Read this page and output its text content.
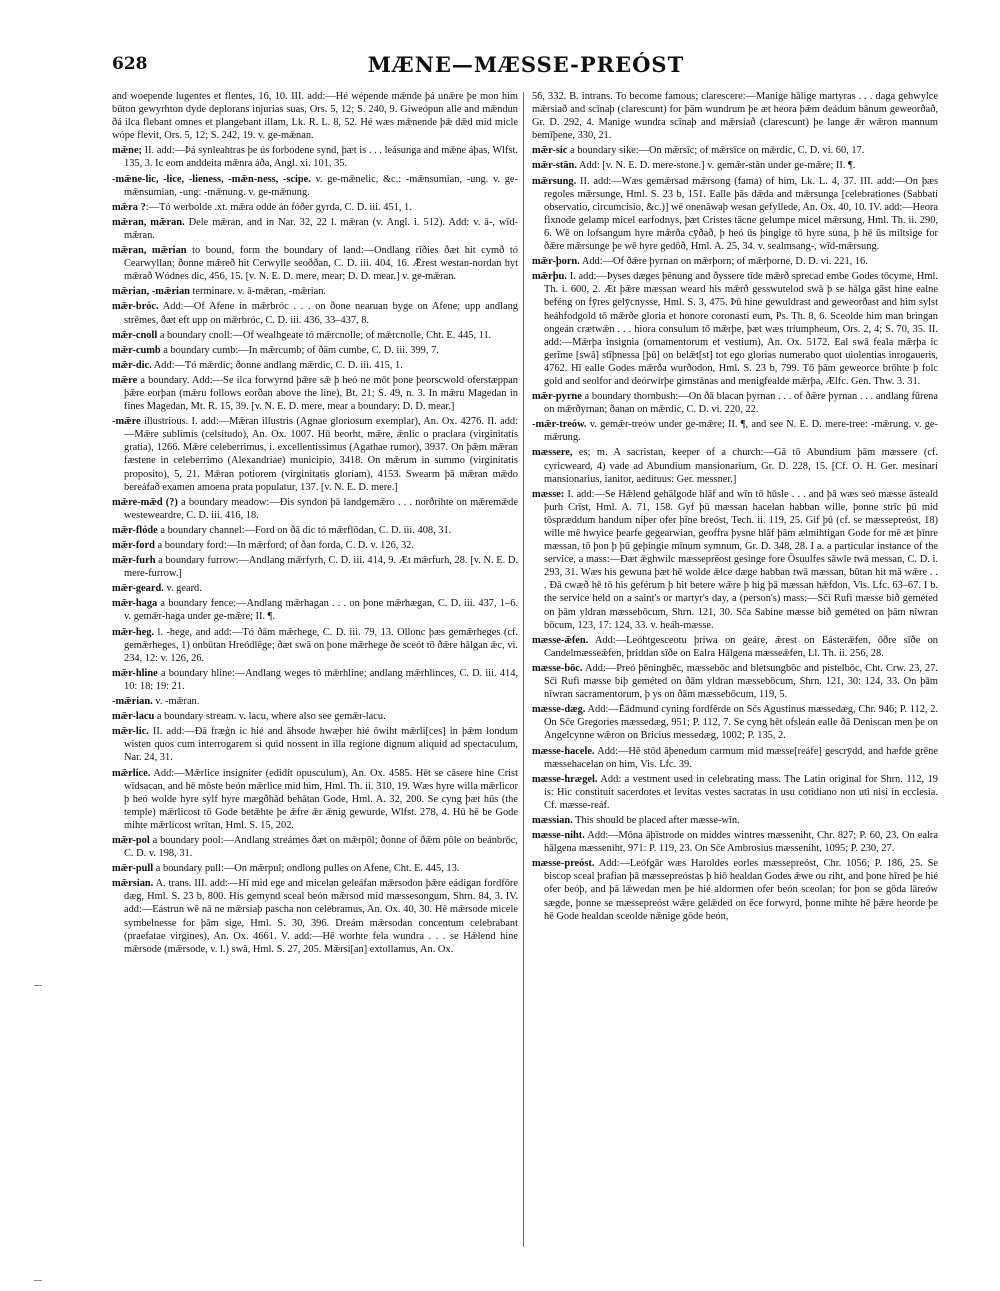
628	MÆNE—MÆSSE-PREÓST

and woepende lugentes et flentes, 16, 10. III. add:—Hé wépende mǣnde þá unǣre þe mon him bǔton gewyrhton dyde deplorans injurias suas, Ors. 5, 12; S. 240, 9. Giweópun alle and mǣndun ðá ilca flebant omnes et plangebant illam, Lk. R. L. 8, 52. Hé wæs mǣnende þǣ dǣd mid micle wópe flevit, Ors. 5, 12; S. 242, 19. v. ge-mǣnan.

mǣne; II. add:—Þá synleahtras þe ús forbodene synd, þæt is . . . leásunga and mǣne áþas, Wlfst. 135, 3. Ic eom anddeita mǣnra áða, Angl. xi. 101, 35.

-mǣne-lic, -lice, -lieness, -mǣn-ness, -scipe. v. ge-mǣnelic, &c.: -mǣnsumian, -ung. v. ge-mǣnsumian, -ung: -mǣnung. v. ge-mǣnung.

mǣra ?:—Tó werbolde .xt. mǣra odde án fóðer gyrda, C. D. iii. 451, 1.

mǣran, mǣran. Dele mǣran, and in Nar. 32, 22 l. mǣran (v. Angl. i. 512). Add: v. ā-, wīd-mǣran.

mǣran, mǣrian to bound, form the boundary of land:—Ondlang rīðies ðæt hit cymð tó Cearwyllan; ðonne mǣreð hit Cerwylle seoððan, C. D. iii. 404, 16. Ǣrest westan-nordan hyt mǣrað Wódnes dic, 456, 15. [v. N. E. D. mere, mear; D. D. mear.] v. ge-mǣran.

mǣrian, -mǣrian terminare. v. ā-mǣran, -mǣrian.

mǣr-bróc. Add:—Of Afene in mǣrbróc . . . on ðone nearuan byge on Afene; upp andlang strēmes, ðæt eft upp on mǣrbróc, C. D. iii. 436, 33–437, 8.

mǣr-cnoll a boundary cnoll:—Of wealhgeate tó mǣrcnolle; of mǣrcnolle, Cht. E. 445, 11.

mǣr-cumb a boundary cumb:—In mǣrcumb; of ðām cumbe, C. D. iii. 399, 7.

mǣr-dic. Add:—Tó mǣrdic; ðonne andlang mǣrdic, C. D. iii. 415, 1.

mǣre a boundary. Add:—Se ilca forwyrnd þǣre sǣ þ heó ne mōt þone þeorscwold oferstæppan þǣre eorþan (mǣru follows eorðan above the line), Bt. 21; S. 49, n. 3. In mǣru Magedan in fines Magedan, Mt. R. 15, 39. [v. N. E. D. mere, mear a boundary: D. D. mear.]

-mǣre illustrious. I. add:—Mǣran illustris (Agnae gloriosum exemplar), An. Ox. 4276. II. add:—Mǣre sublimis (celsitudo), An. Ox. 1007. Hū beorht, mǣre, ǣnlic o praclara (virginitatis gratia), 1266. Mǣre celeberrimus, i. excellentissimus (Agathae rumor), 3937. On þǣm mǣran fæstene in celeberrimo (Alexandriae) municipio, 3418. On mǣrum in summo (virginitatis proposito), 5, 21. Mǣran potiorem (virginitatis gloriam), 4153. Swearm þā mǣran mǣdo bereáfað examen amoena prata populatur, 137. [v. N. E. D. mere.]

mǣre-mǣd (?) a boundary meadow:—Ðis syndon þā landgemǣro . . . norðrihte on mǣremǣde westeweardre, C. D. iii. 416, 18.

mǣr-flóde a boundary channel:—Ford on ðā dic tó mǣrflōdan, C. D. iii. 408, 31.

mǣr-ford a boundary ford:—In mǣrford; of ðan forda, C. D. v. 126, 32.

mǣr-furh a boundary furrow:—Andlang mǣrfyrh, C. D. iii. 414, 9. Æt mǣrfurh, 28. [v. N. E. D. mere-furrow.]

mǣr-geard. v. geard.

mǣr-haga a boundary fence:—Andlang mǣrhagan . . . on þone mǣrhægan, C. D. iii. 437, 1–6. v. gemǣr-haga under ge-mǣre; II. ¶.

mǣr-heg. l. -hege, and add:—Tó ðām mǣrhege, C. D. iii. 79, 13. Ollonc þæs gemǣrheges (cf. gemǣrheges, 1) onbūtan Hreódlēge; ðæt swā on þone mǣrhege ðe sceót tō ðǣre hālgan ǣc, vi. 234, 12: v. 126, 26.

mǣr-hline a boundary hline:—Andlang weges tó mǣrhline; andlang mǣrhlinces, C. D. iii. 414, 10: 18: 19: 21.

-mǣrian. v. -mǣran.

mǣr-lacu a boundary stream. v. lacu, where also see gemǣr-lacu.

mǣr-lic. II. add:—Ðā fræġn ic hié and āhsode hwæþer hié ōwiht mǣrli[ces] in þǣm londum wisten quos cum interrogarem si quid nossent in illa regione dignum aliquid ad spectaculum, Nar. 24, 31.

mǣrlice. Add:—Mǣrlice insigniter (edidit opusculum), An. Ox. 4585. Hēt se cāsere hine Crist wīdsacan, and hē mōste beón mǣrlice mid him, Hml. Th. ii. 310, 19. Wæs hyre willa mǣrlicor þ heó wolde hyre sylf hyre mægðhād behātan Gode, Hml. A. 32, 200. Se cyng þæt hūs (the temple) mǣrlicost tō Gode betǣhte þe ǣfre ǣr ǣnig gewurde, Wlfst. 278, 4. Hū hē be Gode mihte mǣrlicost wrītan, Hml. S. 15, 202.

mǣr-pol a boundary pool:—Andlang streámes ðæt on mǣrpōl; ðonne of ðǣm pōle on beánbrōc, C. D. v. 198, 31.

mǣr-pull a boundary pull:—On mǣrpul; ondlong pulles on Afene, Cht. E. 445, 13.

mǣrsian. A. trans. III. add:—Hī mid ege and micelan geleáfan mǣrsodon þǣre eádigan fordfōre dæg, Hml. S. 23 b, 800. His gemynd sceal beón mǣrsod mid mæssesongum, Shrn. 84, 3. IV. add:—Eástrun wē nā ne mǣrsiaþ pascha non celebramus, An. Ox. 40, 30. Hē mǣrsode micele symbelnesse for þām sige, Hml. S. 30, 396. Dreám mǣrsodan concentum celebrabant (praefatae virgines), An. Ox. 4661. V. add:—Hē worhte fela wundra . . . se Hǣlend hine mǣrsode (mǣrsode, v. l.) swā, Hml. S. 27, 205. Mǣrsi[an] extollamus, An. Ox.

56, 332. B. intrans. To become famous; clarescere:—Manige hālige martyras . . . daga gehwylce mǣrsiað and scīnaþ (clarescunt) for þām wundrum þe æt heora þǣm deádum bānum geweorðað, Gr. D. 292, 4. Manige wundra scīnaþ and mǣrsiað (clarescunt) þe lange ǣr wǣron mannum bemīþene, 330, 21.

mǣr-sic a boundary sike:—On mǣrsīc; of mǣrsīce on mǣrdic, C. D. vi. 60, 17.

mǣr-stān. Add: [v. N. E. D. mere-stone.] v. gemǣr-stān under ge-mǣre; II. ¶.

mǣrsung. II. add:—Wæs gemǣrsad mǣrsong (fama) of him, Lk. L. 4, 37. III. add:—On þæs regoles mǣrsunge, Hml. S. 23 b, 151. Ealle þās dǣda and mǣrsunga [celebrationes (Sabbati observatio, circumcisio, &c.)] wē onenāwaþ wesan gefyllede, An. Ox. 40, 10. IV. add:—Heora fixnode gelamp micel earfodnys, þæt Cristes tācne gelumpe micel mǣrsung, Hml. Th. ii. 290, 6. Wē on lofsangum hyre mǣrða cȳðað, þ heó ūs þingige tō hyre suna, þ hē ūs miltsige for ðǣre mǣrsunge þe wē hyre gedōð, Hml. A. 25, 34. v. sealmsang-, wīd-mǣrsung.

mǣr-þorn. Add:—Of ðǣre þyrnan on mǣrþorn; of mǣrþorne, D. D. vi. 221, 16.

mǣrþu. I. add:—Þyses dæges þēnung and ðyssere tīde mǣrð sprecad embe Godes tōcyme, Hml. Th. i. 600, 2. Æt þǣre mæssan weard his mǣrð gesswutelod swā þ se hālga gāst hine ealne beféng on fȳres gelȳcnysse, Hml. S. 3, 475. Þū hine gewuldrast and geweorðast and him sylst heáhfodgold tō mǣrðe gloria et honore coronasti eum, Ps. Th. 8, 6. Sceolde him man bringan ongeán crætwǣn . . . hiora consulum tō mǣrþe, þæt wæs triumpheum, Ors. 2, 4; S. 70, 35. II. add:—Mǣrþa insignia (ornamentorum et vestium), An. Ox. 5172. Eal swā feala mǣrþa ic gerīme [swā] stīþnessa [þū] on belǣt[st] tot ego glorias numerabo quot uiolentias inrogaueris, 4762. Hī ealle Godes mǣrða wurðodon, Hml. S. 23 b, 799. Tō þām geweorce brōhte þ folc gold and seolfor and deórwirþe gimstānas and menigfealde mǣrþa, Ælfc. Gen. Thw. 3. 31.

mǣr-pyrne a boundary thornbush:—On ðā blacan þyrnan . . . of ðǣre þyrnan . . . andlang fūrena on mǣrðyrnan; ðanan on mǣrdic, C. D. vi. 220, 22.

-mǣr-treów. v. gemǣr-treów under ge-mǣre; II. ¶, and see N. E. D. mere-tree: -mǣrung. v. ge-mǣrung.

mæssere, es; m. A sacristan, keeper of a church:—Gā tō Abundium þām mæssere (cf. cyricweard, 4) vade ad Abundium mansionarium, Gr. D. 228, 15. [Cf. O. H. Ger. mesinari mansionarius, ianitor, aedituus: Ger. messner.]

mæsse: I. add:—Se Hǣlend gehālgode hlāf and wīn tō hūsle . . . and þā wæs seó mæsse āsteald þurh Crīst, Hml. A. 71, 158. Gyf þū mæssan hacelan habban wille, þonne strīc þū mid tōspræddum handum niþer ofer þīne breóst, Tech. ii. 119, 25. Gif þū (cf. se mæssepreóst, 18) wille mē hwyice þearfe gegearwian, geoffra þysne hlāf þām ælmihtigan Gode for mē æt þīnre mæssan, tō þon þ þū geþingie mīnum symnum, Gr. D. 348, 28. I a. a particular instance of the service, a mass:—Ðæt ǣghwilc mæsseprēost gesinge fore Ōsuulfes sāwle twā messan, C. D. i. 293, 31. Wæs his gewuna þæt hē wolde ǣlce dæge habban twā mæssan, būtan hit mā wǣre . . . Ðā cwæð hē tō his geférum þ hit betere wǣre þ hig þā mæssan hǣfdon, Vis. Lfc. 63–67. I b. the service held on a saint's or martyr's day, a (person's) mass:—Sc̄i Rufi mæsse bið geméted on þām yldran mæssebōcum, Shrn. 121, 30. Sc̄a Sabine mæsse bið geméted on þām nīwran bōcum, 123, 17: 124, 33. v. heáh-mæsse.

mæsse-ǣfen. Add:—Leóhtgesceotu þriwa on geáre, ǣrest on Eásterǣfen, ōðre sīðe on Candelmæsseǣfen, þriddan sīðe on Ealra Hālgena mæsseǣfen, Ll. Th. ii. 256, 28.

mæsse-bōc. Add:—Preó þēningbēc, mæssebōc and bletsungbōc and pistelbōc, Cht. Crw. 23, 27. Sc̄i Rufi mæsse biþ geméted on ðām yldran mæssebōcum, Shrn. 121, 30: 124, 33. On þām nīwran sacramentorum, þ ys on ðām mæssebōcum, 119, 5.

mæsse-dæg. Add:—Ēādmund cyning fordfērde on Sc̄s Agustinus mæssedæg, Chr. 946; P. 112, 2. On Sc̄e Gregories mæssedæg, 951; P. 112, 7. Se cyng hēt ofsleán ealle ðā Deniscan men þe on Angelcynne wǣron on Bricius messedæg, 1002; P. 135, 2.

mæsse-hacele. Add:—Hē stōd āþenedum carmum mid mæsse[reáfe] gescrȳdd, and hæfde grēne mæssehacelan on him, Vis. Lfc. 39.

mæsse-hrægel. Add: a vestment used in celebrating mass. The Latin original for Shrn. 112, 19 is: Hic constituit sacerdotes et levitas vestes sacratas in usu cotidiano non uti nisi in ecclesia. Cf. mæsse-reáf.

mæssian. This should be placed after mæsse-wīn.

mæsse-niht. Add:—Mōna āþīstrode on middes wintres mæsseniht, Chr. 827; P. 60, 23. On ealra hālgena mæsseniht, 971: P. 119, 23. On Sc̄e Ambrosius mæsseniht, 1095; P. 230, 27.

mæsse-preóst. Add:—Leófgār wæs Haroldes eorles mæssepreóst, Chr. 1056; P. 186, 25. Se biscop sceal þrafian þā mæssepreóstas þ hiō healdan Godes ǣwe ou riht, and þone hīred þe hié ofer beóþ, and þā lǣwedan men þe hié aldormen ofer beón sceolan; for þon se gōda lāreów sægde, þonne se mæssepreóst wǣre gelǣded on ēce forwyrd, þonne mihte hē þǣre heorde þe hē Gode healdan sceolde nǣnige gōde beón,
